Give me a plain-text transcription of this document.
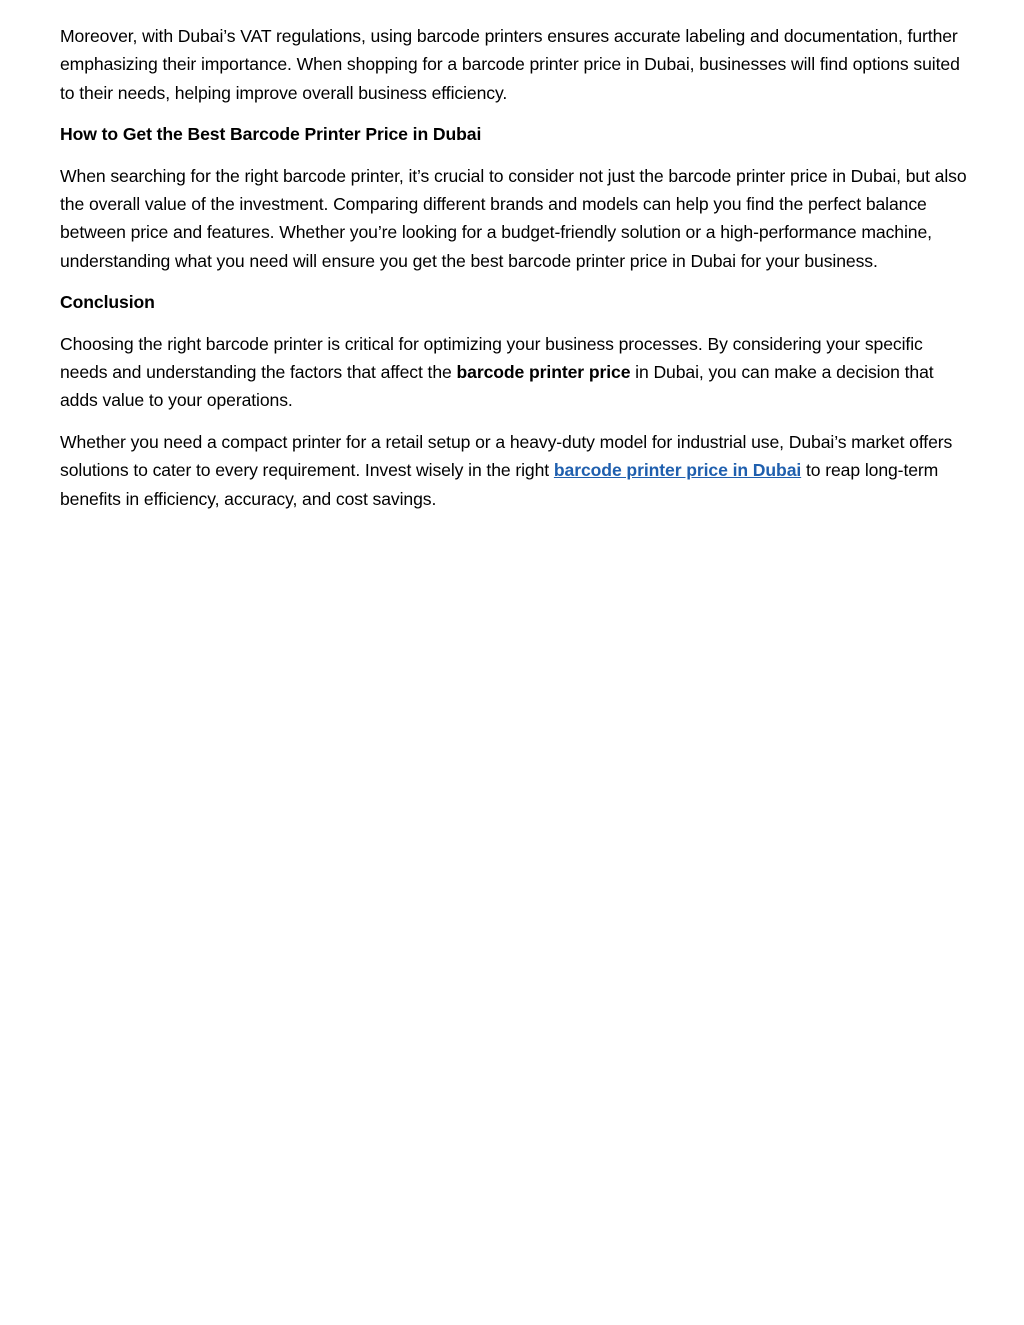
Moreover, with Dubai’s VAT regulations, using barcode printers ensures accurate labeling and documentation, further emphasizing their importance. When shopping for a barcode printer price in Dubai, businesses will find options suited to their needs, helping improve overall business efficiency.

How to Get the Best Barcode Printer Price in Dubai

When searching for the right barcode printer, it’s crucial to consider not just the barcode printer price in Dubai, but also the overall value of the investment. Comparing different brands and models can help you find the perfect balance between price and features. Whether you’re looking for a budget-friendly solution or a high-performance machine, understanding what you need will ensure you get the best barcode printer price in Dubai for your business.

Conclusion

Choosing the right barcode printer is critical for optimizing your business processes. By considering your specific needs and understanding the factors that affect the barcode printer price in Dubai, you can make a decision that adds value to your operations.

Whether you need a compact printer for a retail setup or a heavy-duty model for industrial use, Dubai’s market offers solutions to cater to every requirement. Invest wisely in the right barcode printer price in Dubai to reap long-term benefits in efficiency, accuracy, and cost savings.
